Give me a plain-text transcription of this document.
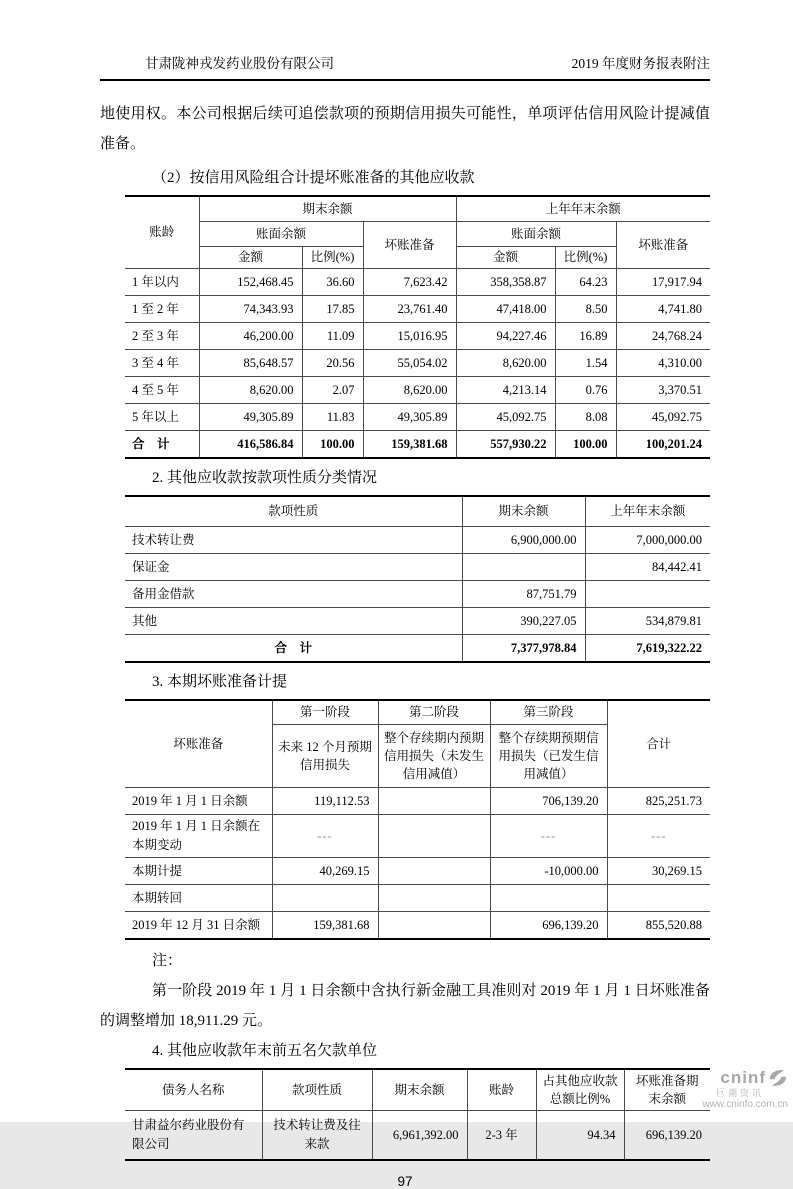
甘肃陇神戎发药业股份有限公司	2019 年度财务报表附注

地使用权。本公司根据后续可追偿款项的预期信用损失可能性，单项评估信用风险计提减值准备。

（2）按信用风险组合计提坏账准备的其他应收款
账龄	期末余额			上年年末余额		
	账面余额		坏账准备	账面余额		坏账准备
	金额	比例(%)		金额	比例(%)	
1 年以内	152,468.45	36.60	7,623.42	358,358.87	64.23	17,917.94
1 至 2 年	74,343.93	17.85	23,761.40	47,418.00	8.50	4,741.80
2 至 3 年	46,200.00	11.09	15,016.95	94,227.46	16.89	24,768.24
3 至 4 年	85,648.57	20.56	55,054.02	8,620.00	1.54	4,310.00
4 至 5 年	8,620.00	2.07	8,620.00	4,213.14	0.76	3,370.51
5 年以上	49,305.89	11.83	49,305.89	45,092.75	8.08	45,092.75
合　计	416,586.84	100.00	159,381.68	557,930.22	100.00	100,201.24
2. 其他应收款按款项性质分类情况
款项性质	期末余额	上年年末余额
技术转让费	6,900,000.00	7,000,000.00
保证金		84,442.41
备用金借款	87,751.79	
其他	390,227.05	534,879.81
合　计	7,377,978.84	7,619,322.22
3. 本期坏账准备计提
坏账准备	第一阶段	第二阶段	第三阶段	合计
	未来 12 个月预期信用损失	整个存续期内预期信用损失（未发生信用减值）	整个存续期预期信用损失（已发生信用减值）	
2019 年 1 月 1 日余额	119,112.53		706,139.20	825,251.73
2019 年 1 月 1 日余额在本期变动	---		---	---
本期计提	40,269.15		-10,000.00	30,269.15
本期转回				
2019 年 12 月 31 日余额	159,381.68		696,139.20	855,520.88

注：

第一阶段 2019 年 1 月 1 日余额中含执行新金融工具准则对 2019 年 1 月 1 日坏账准备的调整增加 18,911.29 元。

4. 其他应收款年末前五名欠款单位
债务人名称	款项性质	期末余额	账龄	占其他应收款总额比例%	坏账准备期末余额
甘肃益尔药业股份有限公司	技术转让费及往来款	6,961,392.00	2-3 年	94.34	696,139.20
97
cninf
巨潮资讯
www.cninfo.com.cn
